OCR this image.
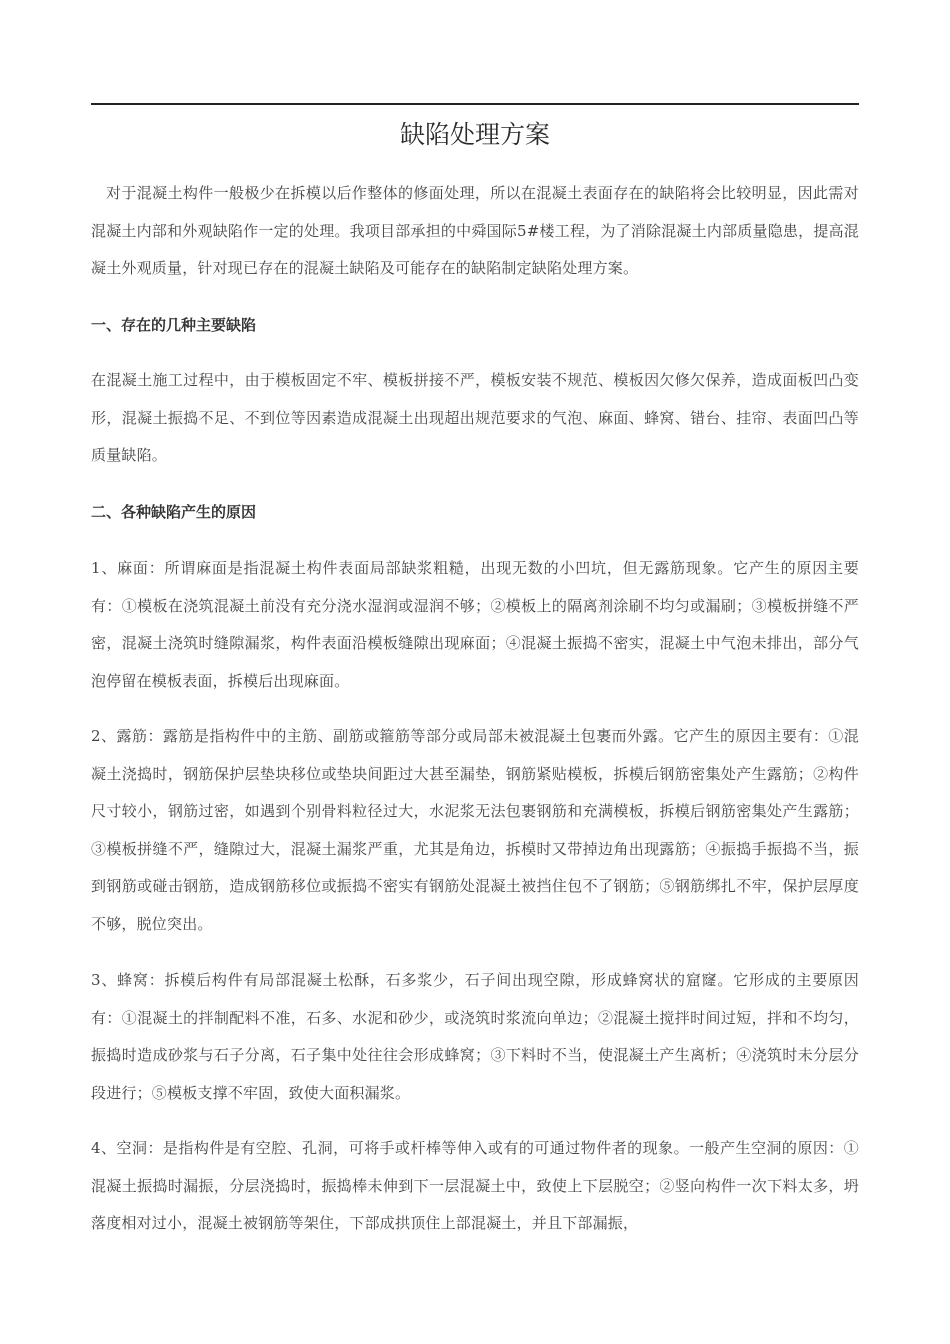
缺陷处理方案

对于混凝土构件一般极少在拆模以后作整体的修面处理，所以在混凝土表面存在的缺陷将会比较明显，因此需对混凝土内部和外观缺陷作一定的处理。我项目部承担的中舜国际5#楼工程，为了消除混凝土内部质量隐患，提高混凝土外观质量，针对现已存在的混凝土缺陷及可能存在的缺陷制定缺陷处理方案。

一、存在的几种主要缺陷

在混凝土施工过程中，由于模板固定不牢、模板拼接不严，模板安装不规范、模板因欠修欠保养，造成面板凹凸变形，混凝土振捣不足、不到位等因素造成混凝土出现超出规范要求的气泡、麻面、蜂窝、错台、挂帘、表面凹凸等质量缺陷。

二、各种缺陷产生的原因

1、麻面：所谓麻面是指混凝土构件表面局部缺浆粗糙，出现无数的小凹坑，但无露筋现象。它产生的原因主要有：①模板在浇筑混凝土前没有充分浇水湿润或湿润不够；②模板上的隔离剂涂刷不均匀或漏刷；③模板拼缝不严密，混凝土浇筑时缝隙漏浆，构件表面沿模板缝隙出现麻面；④混凝土振捣不密实，混凝土中气泡未排出，部分气泡停留在模板表面，拆模后出现麻面。

2、露筋：露筋是指构件中的主筋、副筋或箍筋等部分或局部未被混凝土包裹而外露。它产生的原因主要有：①混凝土浇捣时，钢筋保护层垫块移位或垫块间距过大甚至漏垫，钢筋紧贴模板，拆模后钢筋密集处产生露筋；②构件尺寸较小，钢筋过密，如遇到个别骨料粒径过大，水泥浆无法包裹钢筋和充满模板，拆模后钢筋密集处产生露筋；③模板拼缝不严，缝隙过大，混凝土漏浆严重，尤其是角边，拆模时又带掉边角出现露筋；④振捣手振捣不当，振到钢筋或碰击钢筋，造成钢筋移位或振捣不密实有钢筋处混凝土被挡住包不了钢筋；⑤钢筋绑扎不牢，保护层厚度不够，脱位突出。

3、蜂窝：拆模后构件有局部混凝土松酥，石多浆少，石子间出现空隙，形成蜂窝状的窟窿。它形成的主要原因有：①混凝土的拌制配料不准，石多、水泥和砂少，或浇筑时浆流向单边；②混凝土搅拌时间过短，拌和不均匀，振捣时造成砂浆与石子分离，石子集中处往往会形成蜂窝；③下料时不当，使混凝土产生离析；④浇筑时未分层分段进行；⑤模板支撑不牢固，致使大面积漏浆。

4、空洞：是指构件是有空腔、孔洞，可将手或杆棒等伸入或有的可通过物件者的现象。一般产生空洞的原因：①混凝土振捣时漏振，分层浇捣时，振捣棒未伸到下一层混凝土中，致使上下层脱空；②竖向构件一次下料太多，坍落度相对过小，混凝土被钢筋等架住，下部成拱顶住上部混凝土，并且下部漏振，
